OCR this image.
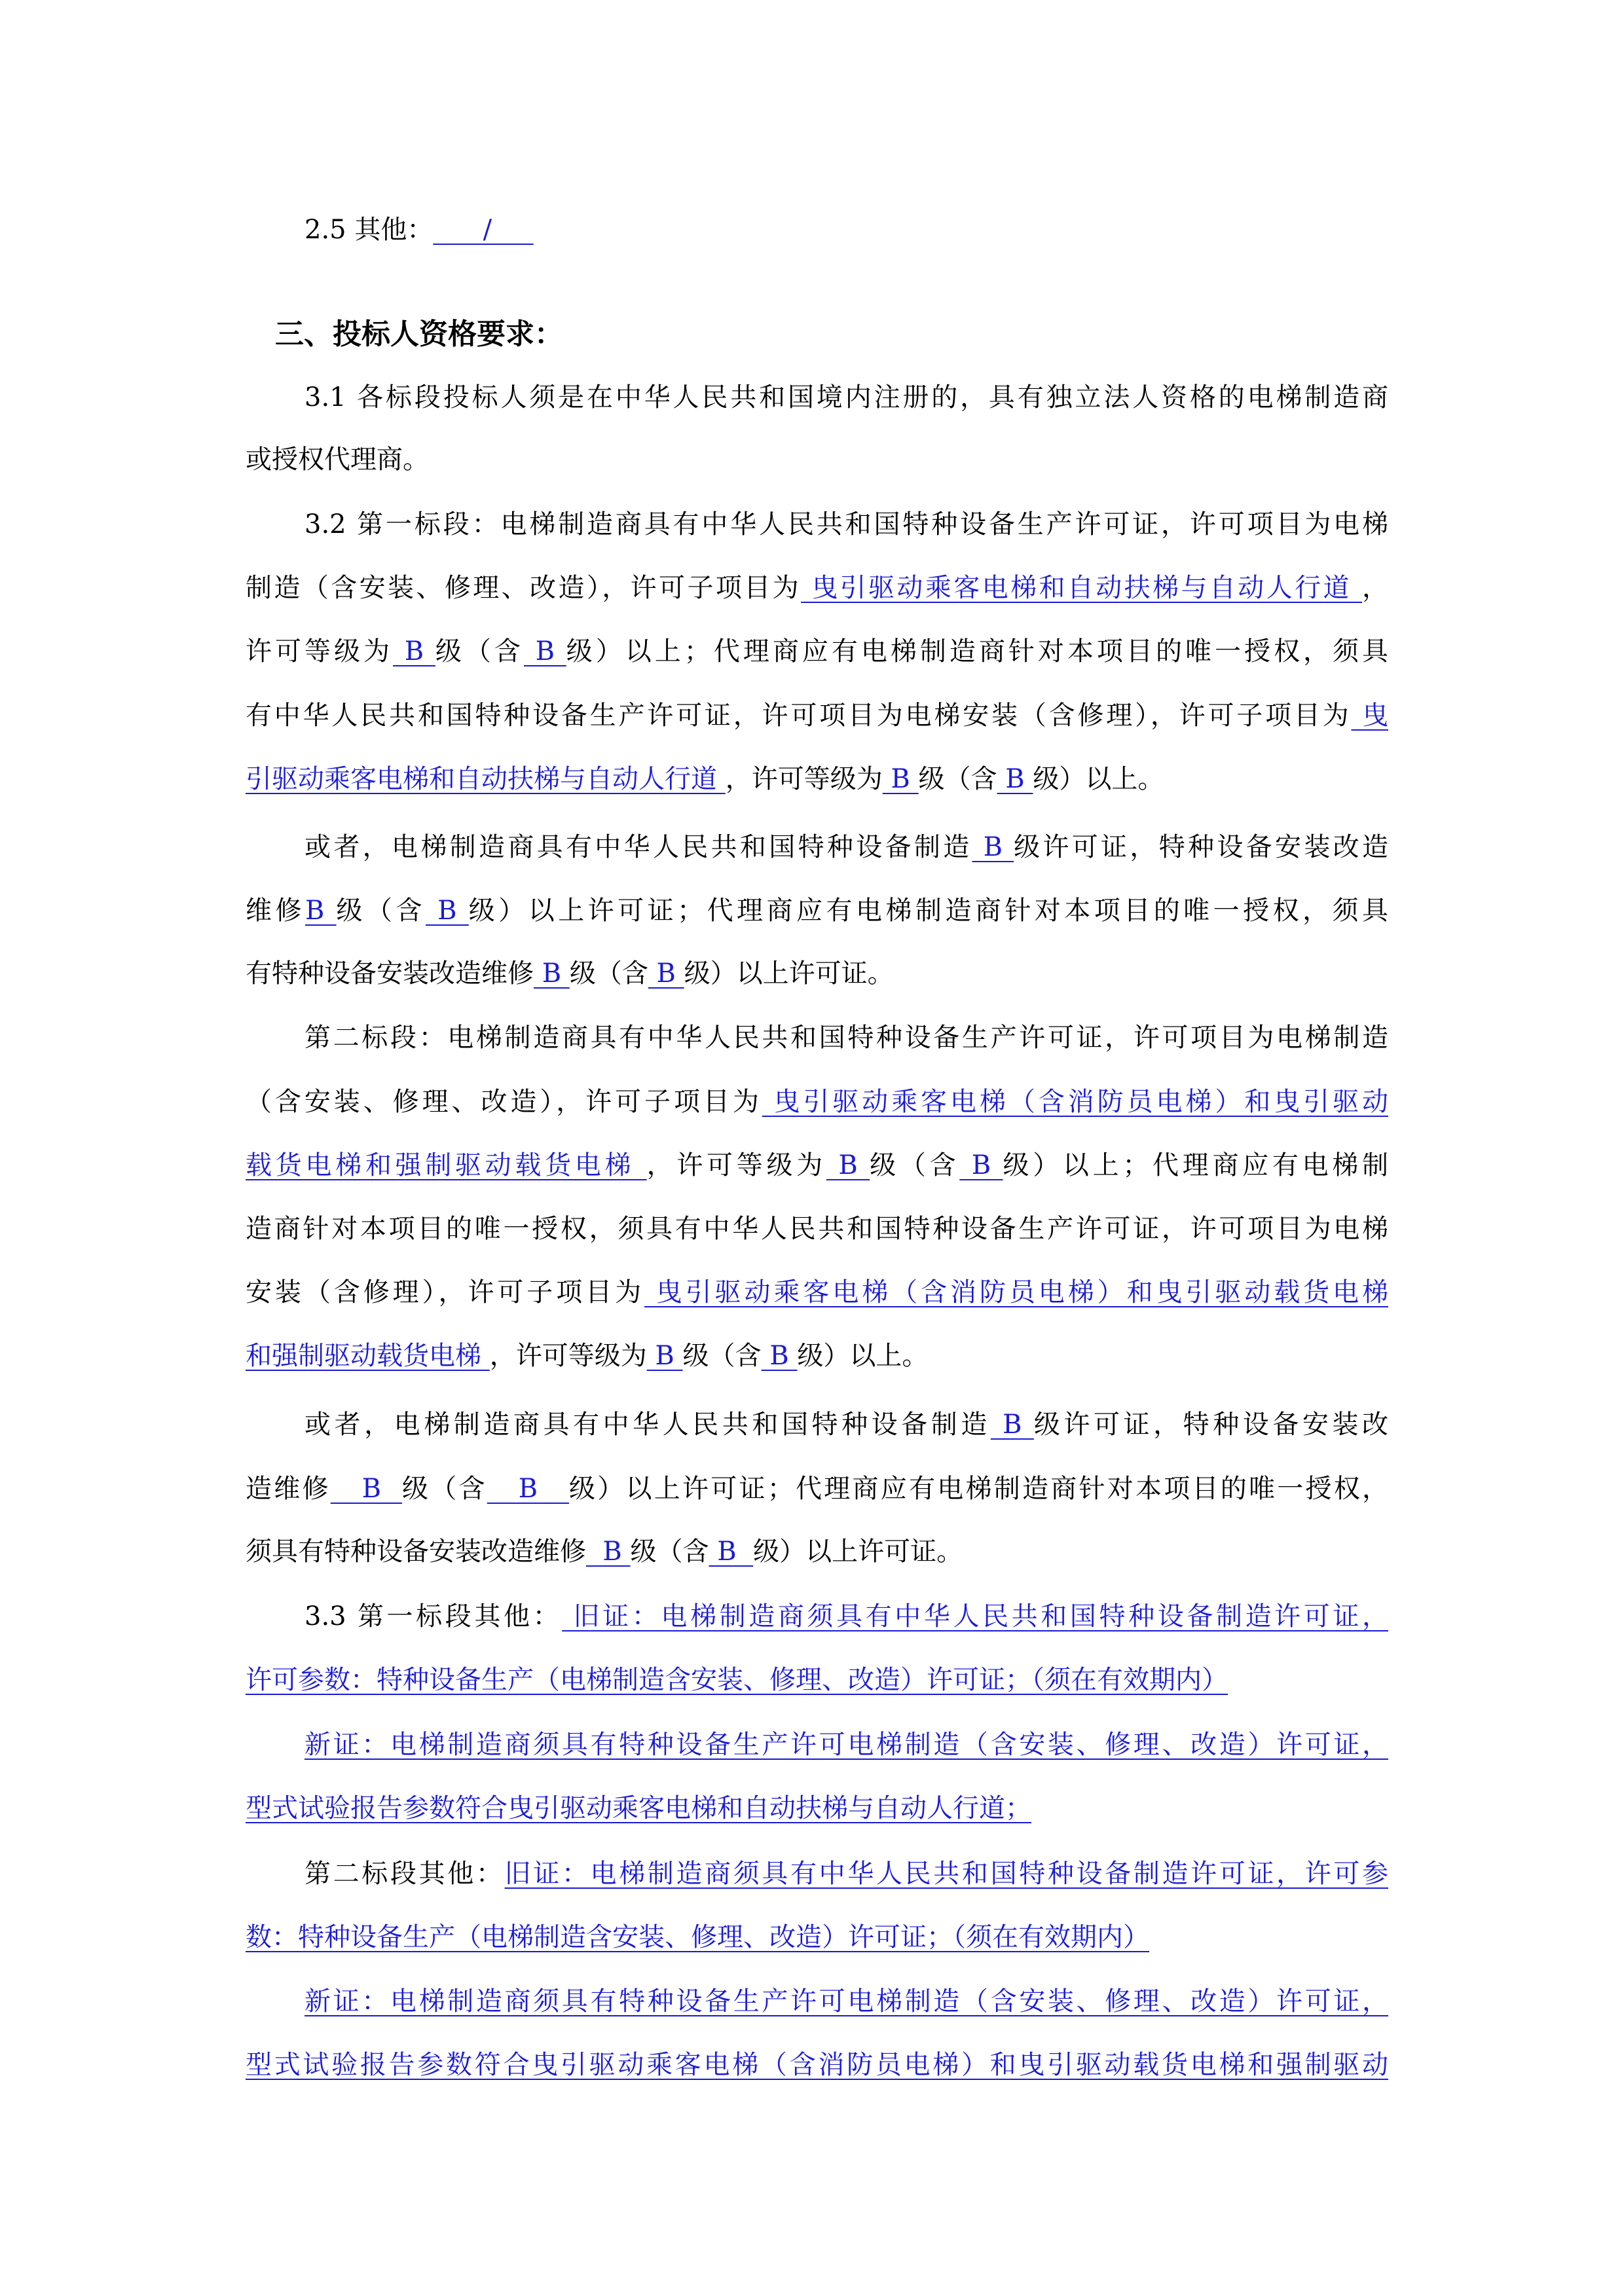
2.5 其他：      /
三、投标人资格要求：
3.1 各标段投标人须是在中华人民共和国境内注册的，具有独立法人资格的电梯制造商
或授权代理商。
3.2 第一标段：电梯制造商具有中华人民共和国特种设备生产许可证，许可项目为电梯
制造（含安装、修理、改造），许可子项目为 曳引驱动乘客电梯和自动扶梯与自动人行道 ，
许可等级为 B 级（含 B 级）以上；代理商应有电梯制造商针对本项目的唯一授权，须具
有中华人民共和国特种设备生产许可证，许可项目为电梯安装（含修理），许可子项目为 曳
引驱动乘客电梯和自动扶梯与自动人行道 ，许可等级为 B 级（含 B 级）以上。
或者，电梯制造商具有中华人民共和国特种设备制造 B 级许可证，特种设备安装改造
维修B 级（含 B 级）以上许可证；代理商应有电梯制造商针对本项目的唯一授权，须具
有特种设备安装改造维修 B 级（含 B 级）以上许可证。
第二标段：电梯制造商具有中华人民共和国特种设备生产许可证，许可项目为电梯制造
（含安装、修理、改造），许可子项目为 曳引驱动乘客电梯（含消防员电梯）和曳引驱动
载货电梯和强制驱动载货电梯 ，许可等级为 B 级（含 B 级）以上；代理商应有电梯制
造商针对本项目的唯一授权，须具有中华人民共和国特种设备生产许可证，许可项目为电梯
安装（含修理），许可子项目为 曳引驱动乘客电梯（含消防员电梯）和曳引驱动载货电梯
和强制驱动载货电梯 ，许可等级为 B 级（含 B 级）以上。
或者，电梯制造商具有中华人民共和国特种设备制造 B 级许可证，特种设备安装改
造维修   B  级（含   B   级）以上许可证；代理商应有电梯制造商针对本项目的唯一授权，
须具有特种设备安装改造维修  B 级（含 B  级）以上许可证。
3.3 第一标段其他： 旧证：电梯制造商须具有中华人民共和国特种设备制造许可证，
许可参数：特种设备生产（电梯制造含安装、修理、改造）许可证；（须在有效期内）
新证：电梯制造商须具有特种设备生产许可电梯制造（含安装、修理、改造）许可证，
型式试验报告参数符合曳引驱动乘客电梯和自动扶梯与自动人行道；
第二标段其他：旧证：电梯制造商须具有中华人民共和国特种设备制造许可证，许可参
数：特种设备生产（电梯制造含安装、修理、改造）许可证；（须在有效期内）
新证：电梯制造商须具有特种设备生产许可电梯制造（含安装、修理、改造）许可证，
型式试验报告参数符合曳引驱动乘客电梯（含消防员电梯）和曳引驱动载货电梯和强制驱动
